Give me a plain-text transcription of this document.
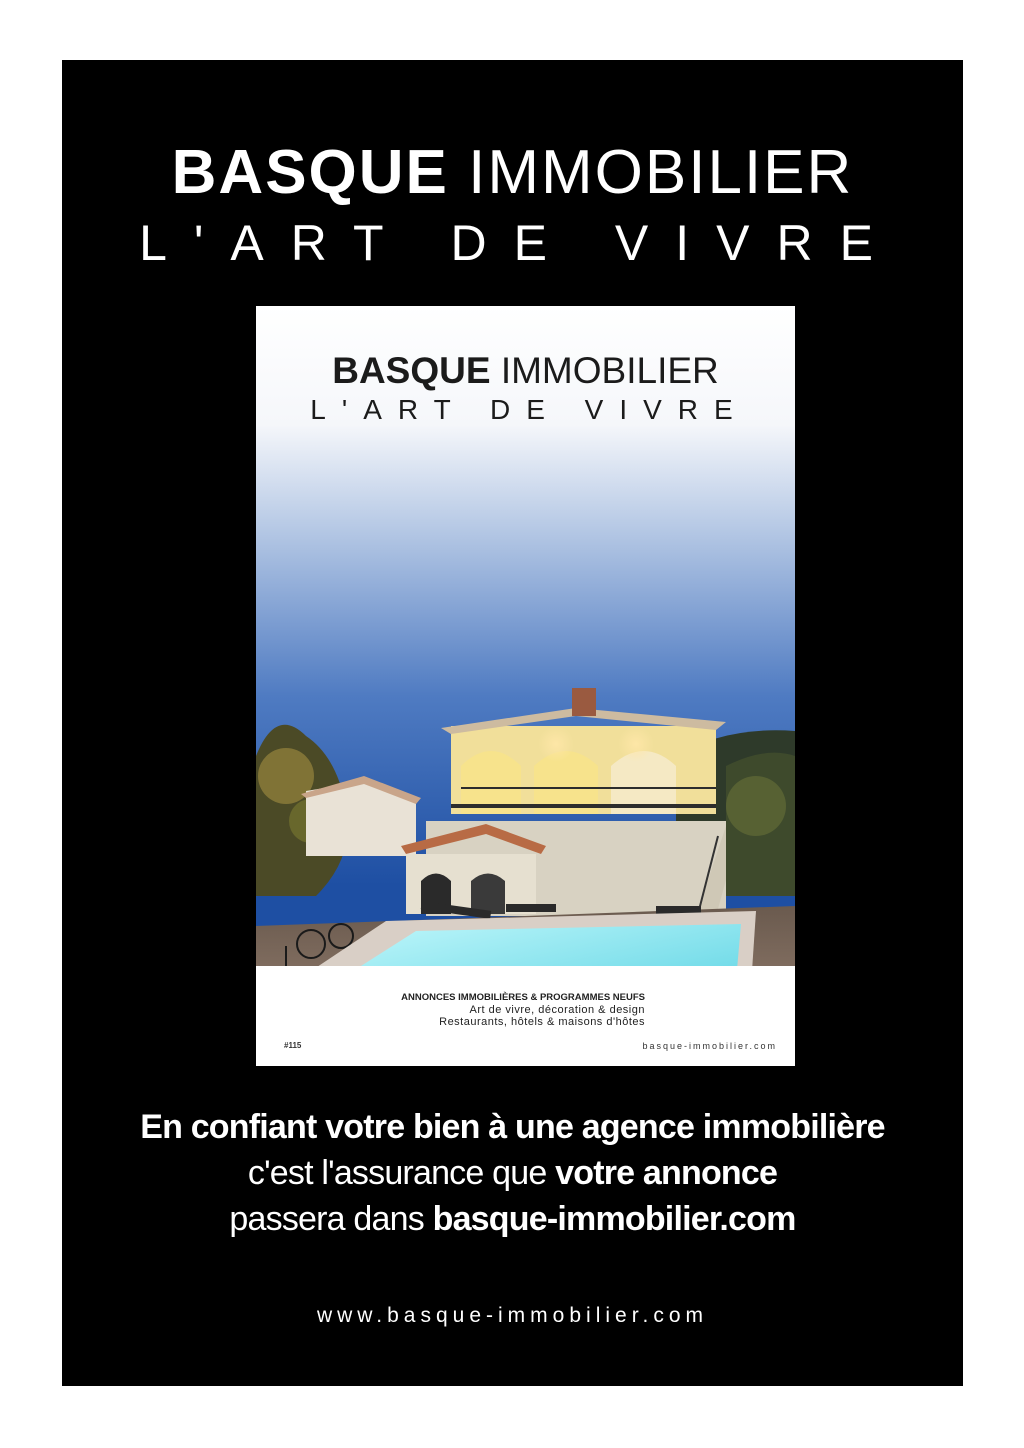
BASQUE IMMOBILIER
L'ART DE VIVRE
BASQUE IMMOBILIER
L'ART DE VIVRE
ANNONCES IMMOBILIÈRES & PROGRAMMES NEUFS
Art de vivre, décoration & design
Restaurants, hôtels & maisons d'hôtes
#115	basque-immobilier.com
En confiant votre bien à une agence immobilière
c'est l'assurance que votre annonce
passera dans basque-immobilier.com
www.basque-immobilier.com
